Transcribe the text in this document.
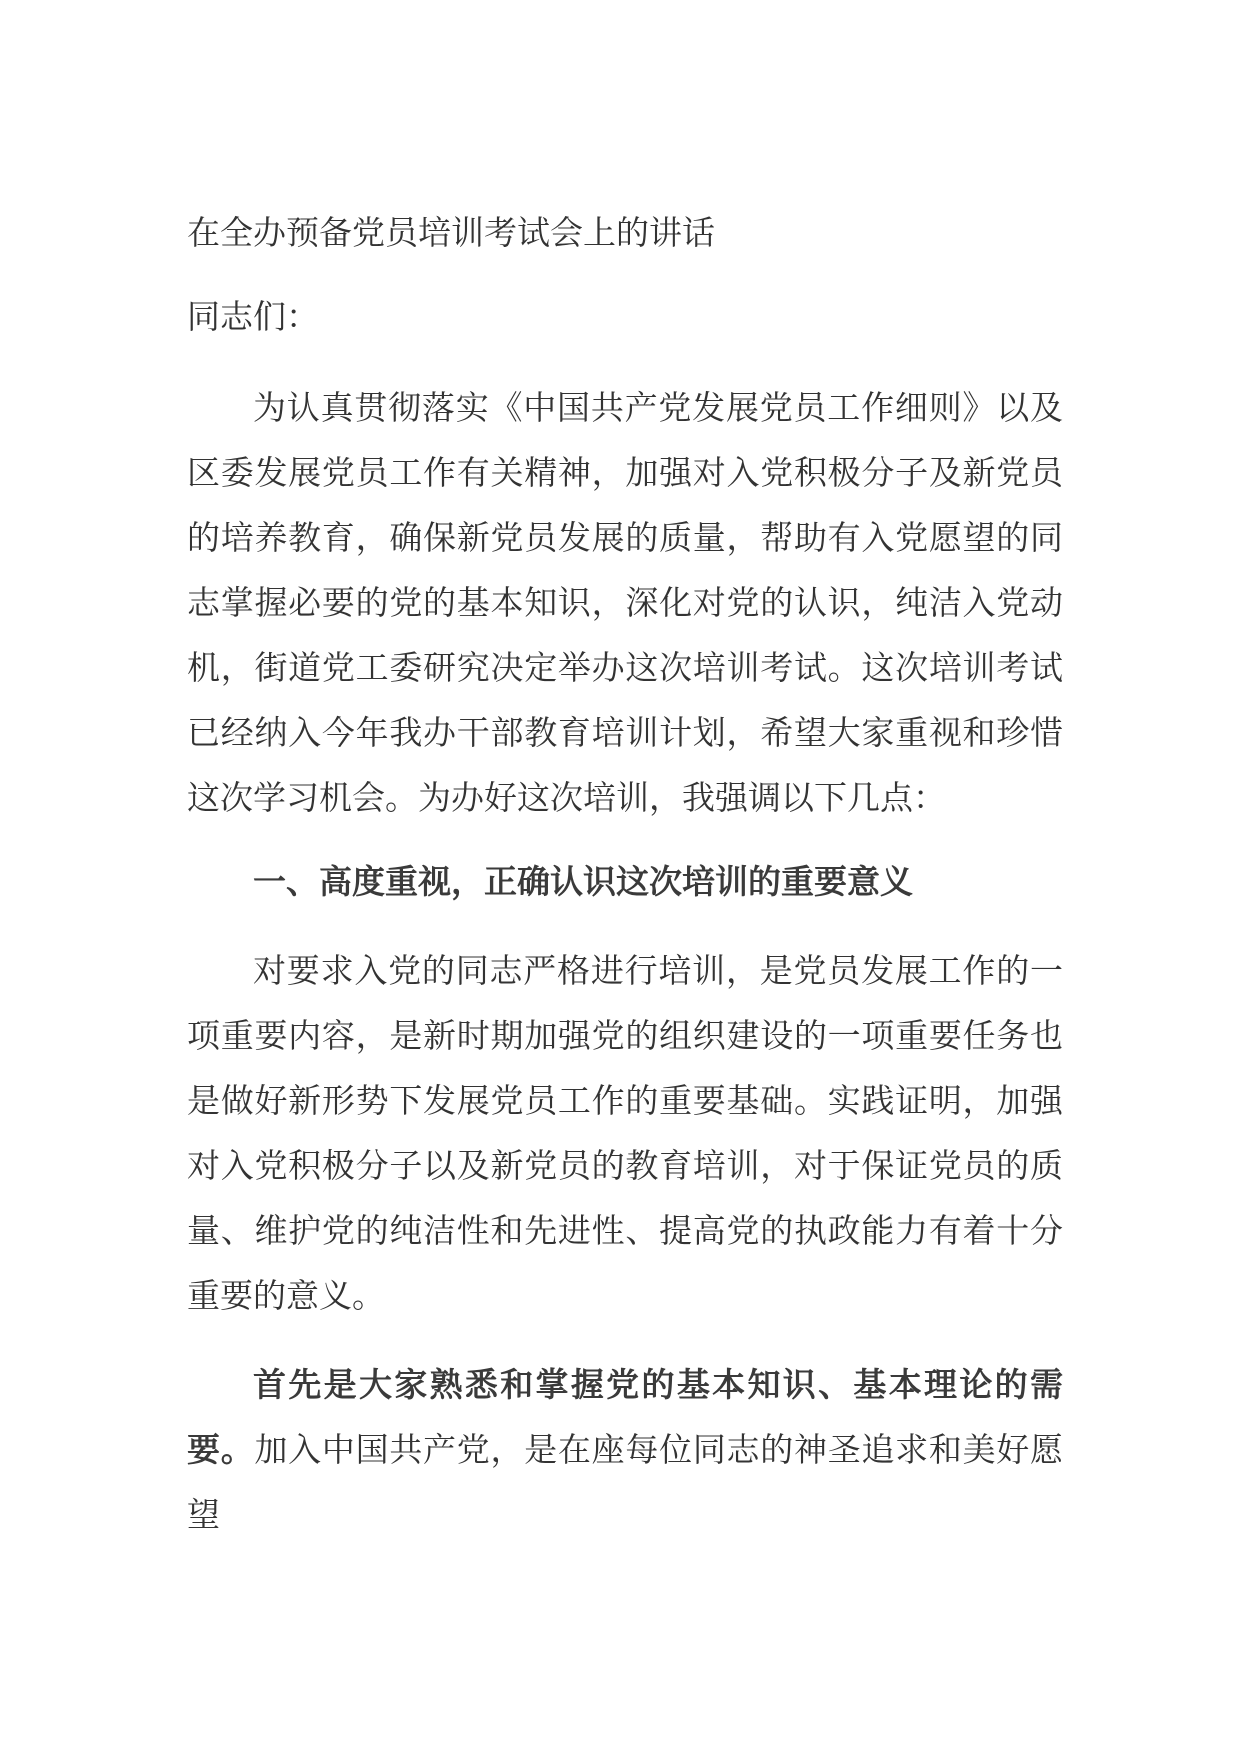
在全办预备党员培训考试会上的讲话
同志们：

为认真贯彻落实《中国共产党发展党员工作细则》以及区委发展党员工作有关精神，加强对入党积极分子及新党员的培养教育，确保新党员发展的质量，帮助有入党愿望的同志掌握必要的党的基本知识，深化对党的认识，纯洁入党动机，街道党工委研究决定举办这次培训考试。这次培训考试已经纳入今年我办干部教育培训计划，希望大家重视和珍惜这次学习机会。为办好这次培训，我强调以下几点：

一、高度重视，正确认识这次培训的重要意义

对要求入党的同志严格进行培训，是党员发展工作的一项重要内容，是新时期加强党的组织建设的一项重要任务也是做好新形势下发展党员工作的重要基础。实践证明，加强对入党积极分子以及新党员的教育培训，对于保证党员的质量、维护党的纯洁性和先进性、提高党的执政能力有着十分重要的意义。

首先是大家熟悉和掌握党的基本知识、基本理论的需要。加入中国共产党，是在座每位同志的神圣追求和美好愿望
